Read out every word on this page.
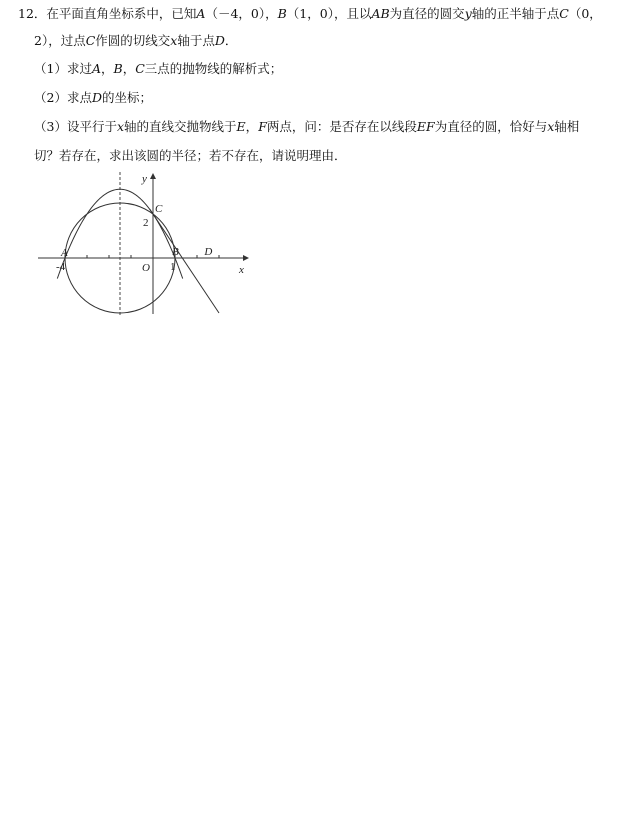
12．在平面直角坐标系中，已知A（－4，0），B（1，0），且以AB为直径的圆交y轴的正半轴于点C（0，
2），过点C作圆的切线交x轴于点D．
（1）求过A，B，C三点的抛物线的解析式；
（2）求点D的坐标；
（3）设平行于x轴的直线交抛物线于E，F两点，问：是否存在以线段EF为直径的圆，恰好与x轴相
切？若存在，求出该圆的半径；若不存在，请说明理由．
y
x
C
2
A
-4	O 1
B D
